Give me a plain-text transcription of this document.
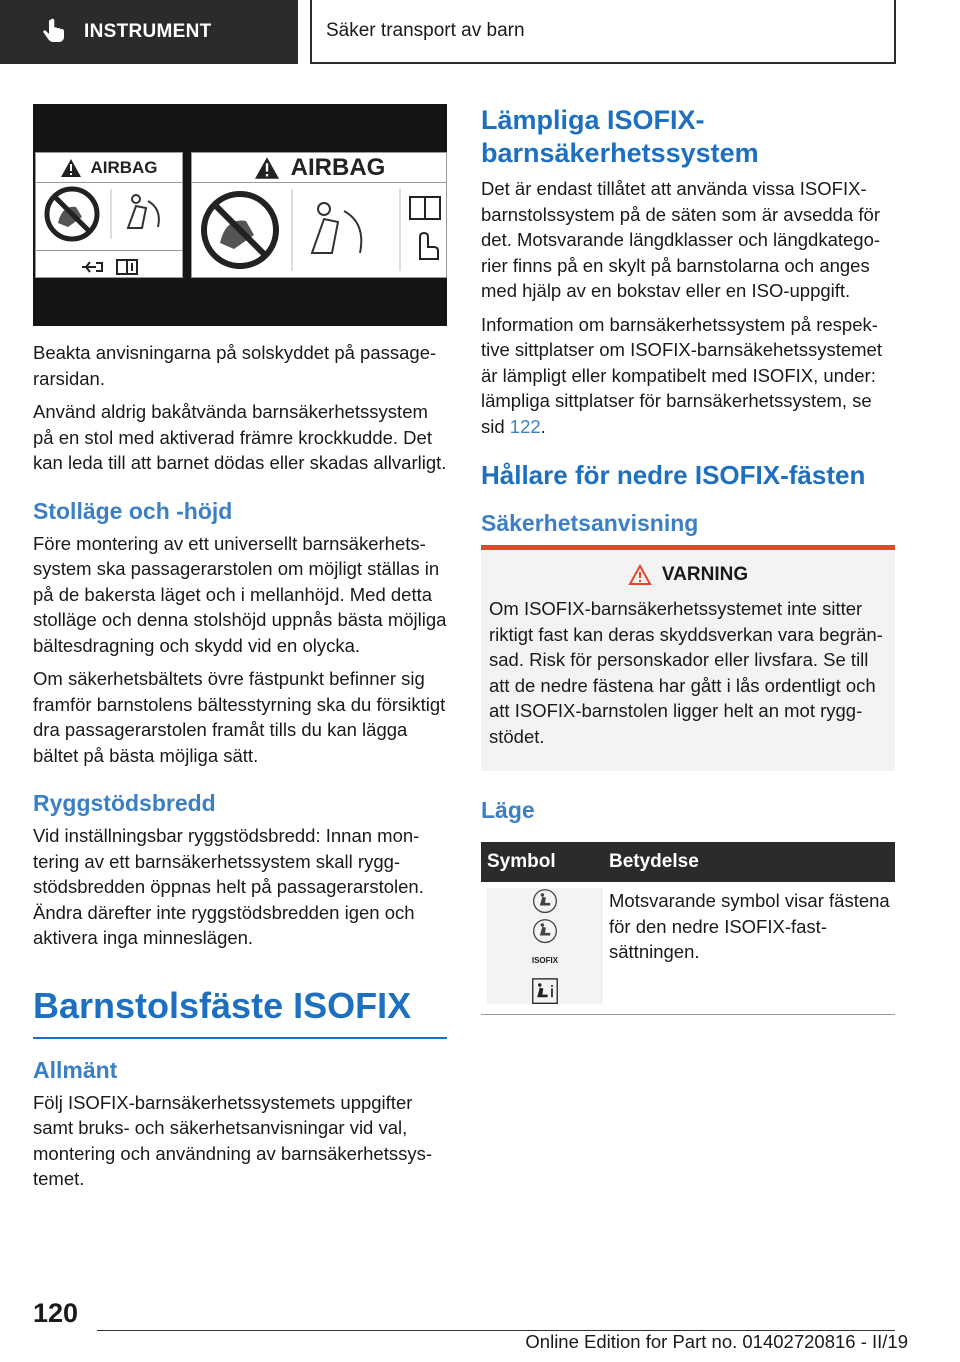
INSTRUMENT	Säker transport av barn
AIRBAG	AIRBAG

Beakta anvisningarna på solskyddet på passagerarsidan.

Använd aldrig bakåtvända barnsäkerhetssystem på en stol med aktiverad främre krockkudde. Det kan leda till att barnet dödas eller skadas allvarligt.

Stolläge och -höjd

Före montering av ett universellt barnsäkerhetssystem ska passagerarstolen om möjligt ställas in på de bakersta läget och i mellanhöjd. Med detta stolläge och denna stolshöjd uppnås bästa möjliga bältesdragning och skydd vid en olycka.

Om säkerhetsbältets övre fästpunkt befinner sig framför barnstolens bältesstyrning ska du försiktigt dra passagerarstolen framåt tills du kan lägga bältet på bästa möjliga sätt.

Ryggstödsbredd

Vid inställningsbar ryggstödsbredd: Innan montering av ett barnsäkerhetssystem skall ryggstödsbredden öppnas helt på passagerarstolen. Ändra därefter inte ryggstödsbredden igen och aktivera inga minneslägen.

Barnstolsfäste ISOFIX
Allmänt

Följ ISOFIX-barnsäkerhetssystemets uppgifter samt bruks- och säkerhetsanvisningar vid val, montering och användning av barnsäkerhetssystemet.

Lämpliga ISOFIX-barnsäkerhetssystem

Det är endast tillåtet att använda vissa ISOFIX-barnstolssystem på de säten som är avsedda för det. Motsvarande längdklasser och längdkategorier finns på en skylt på barnstolarna och anges med hjälp av en bokstav eller en ISO-uppgift.

Information om barnsäkerhetssystem på respektive sittplatser om ISOFIX-barnsäkehetssystemet är lämpligt eller kompatibelt med ISOFIX, under: lämpliga sittplatser för barnsäkerhetssystem, se sid 122.

Hållare för nedre ISOFIX-fästen
Säkerhetsanvisning
VARNING

Om ISOFIX-barnsäkerhetssystemet inte sitter riktigt fast kan deras skyddsverkan vara begränsad. Risk för personskador eller livsfara. Se till att de nedre fästena har gått i lås ordentligt och att ISOFIX-barnstolen ligger helt an mot ryggstödet.

Läge
Symbol	Betydelse

ISOFIX	Motsvarande symbol visar fästena för den nedre ISOFIX-fastsättningen.
120
Online Edition for Part no. 01402720816 - II/19
